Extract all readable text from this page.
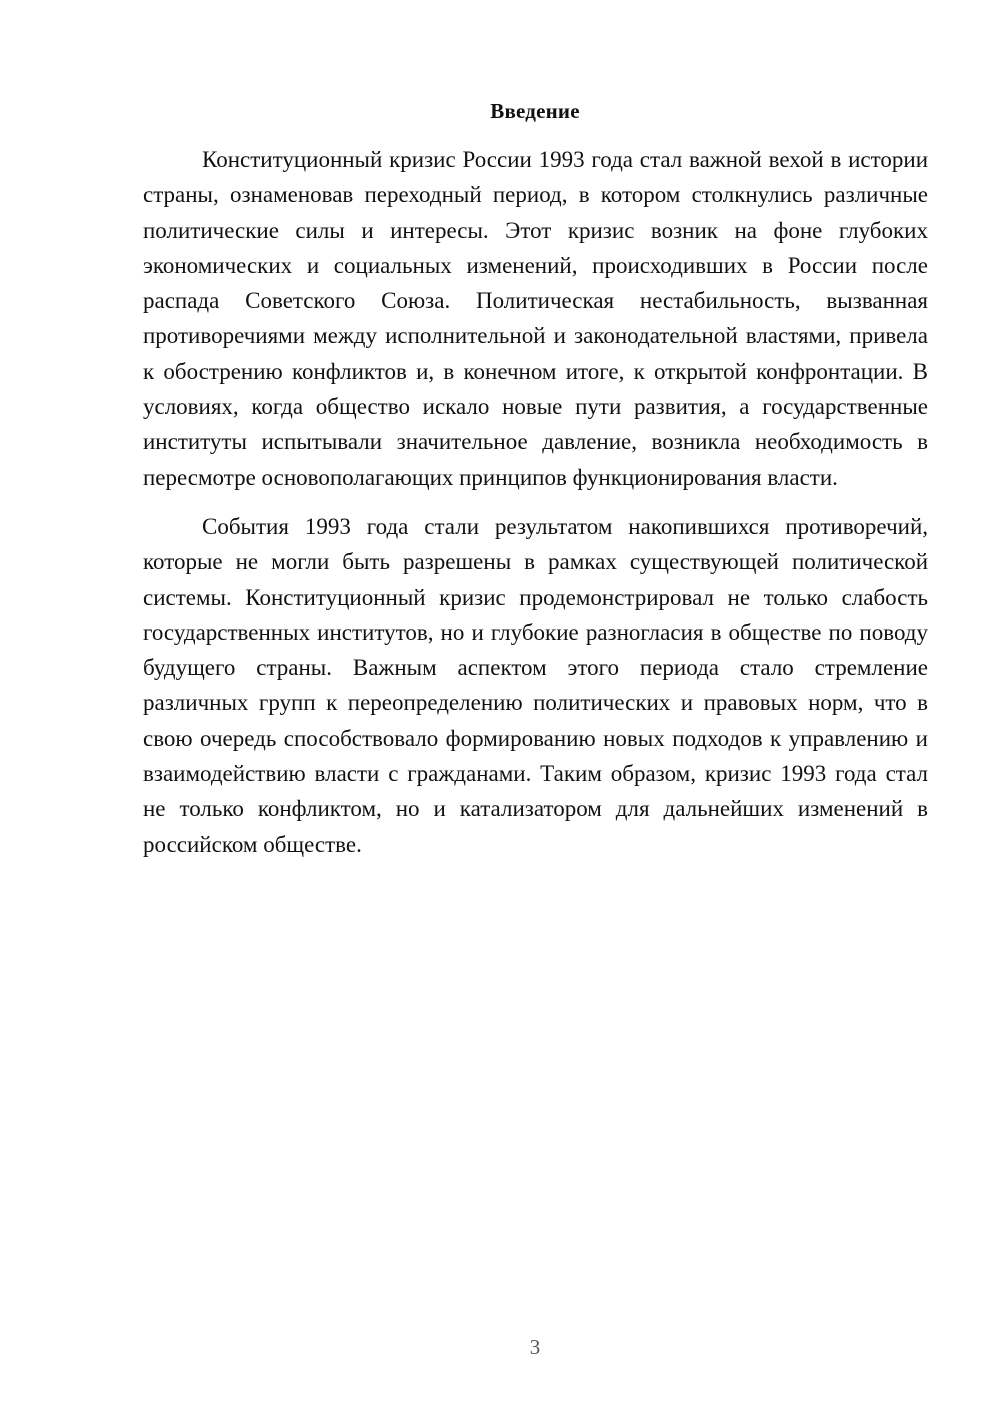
Введение

Конституционный кризис России 1993 года стал важной вехой в истории страны, ознаменовав переходный период, в котором столкнулись различные политические силы и интересы. Этот кризис возник на фоне глубоких экономических и социальных изменений, происходивших в России после распада Советского Союза. Политическая нестабильность, вызванная противоречиями между исполнительной и законодательной властями, привела к обострению конфликтов и, в конечном итоге, к открытой конфронтации. В условиях, когда общество искало новые пути развития, а государственные институты испытывали значительное давление, возникла необходимость в пересмотре основополагающих принципов функционирования власти.

События 1993 года стали результатом накопившихся противоречий, которые не могли быть разрешены в рамках существующей политической системы. Конституционный кризис продемонстрировал не только слабость государственных институтов, но и глубокие разногласия в обществе по поводу будущего страны. Важным аспектом этого периода стало стремление различных групп к переопределению политических и правовых норм, что в свою очередь способствовало формированию новых подходов к управлению и взаимодействию власти с гражданами. Таким образом, кризис 1993 года стал не только конфликтом, но и катализатором для дальнейших изменений в российском обществе.

3
